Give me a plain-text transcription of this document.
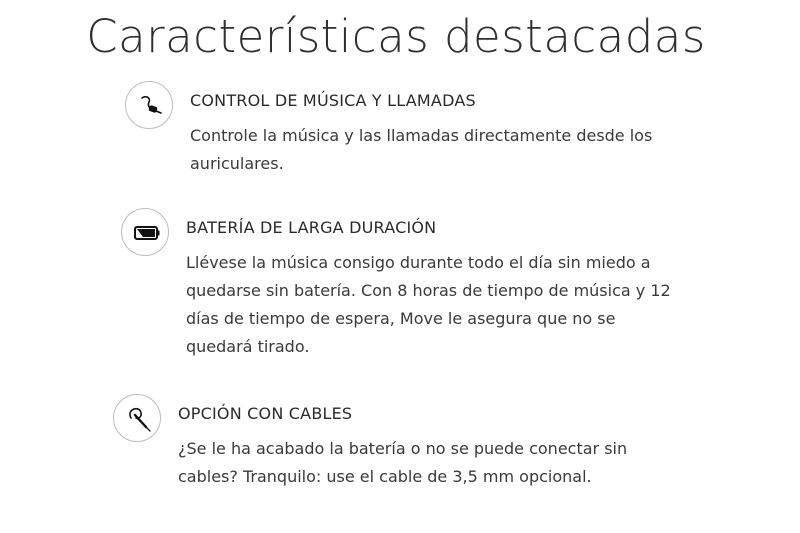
Características destacadas
CONTROL DE MÚSICA Y LLAMADAS

Controle la música y las llamadas directamente desde los auriculares.

BATERÍA DE LARGA DURACIÓN

Llévese la música consigo durante todo el día sin miedo a quedarse sin batería. Con 8 horas de tiempo de música y 12 días de tiempo de espera, Move le asegura que no se quedará tirado.

OPCIÓN CON CABLES

¿Se le ha acabado la batería o no se puede conectar sin cables? Tranquilo: use el cable de 3,5 mm opcional.
